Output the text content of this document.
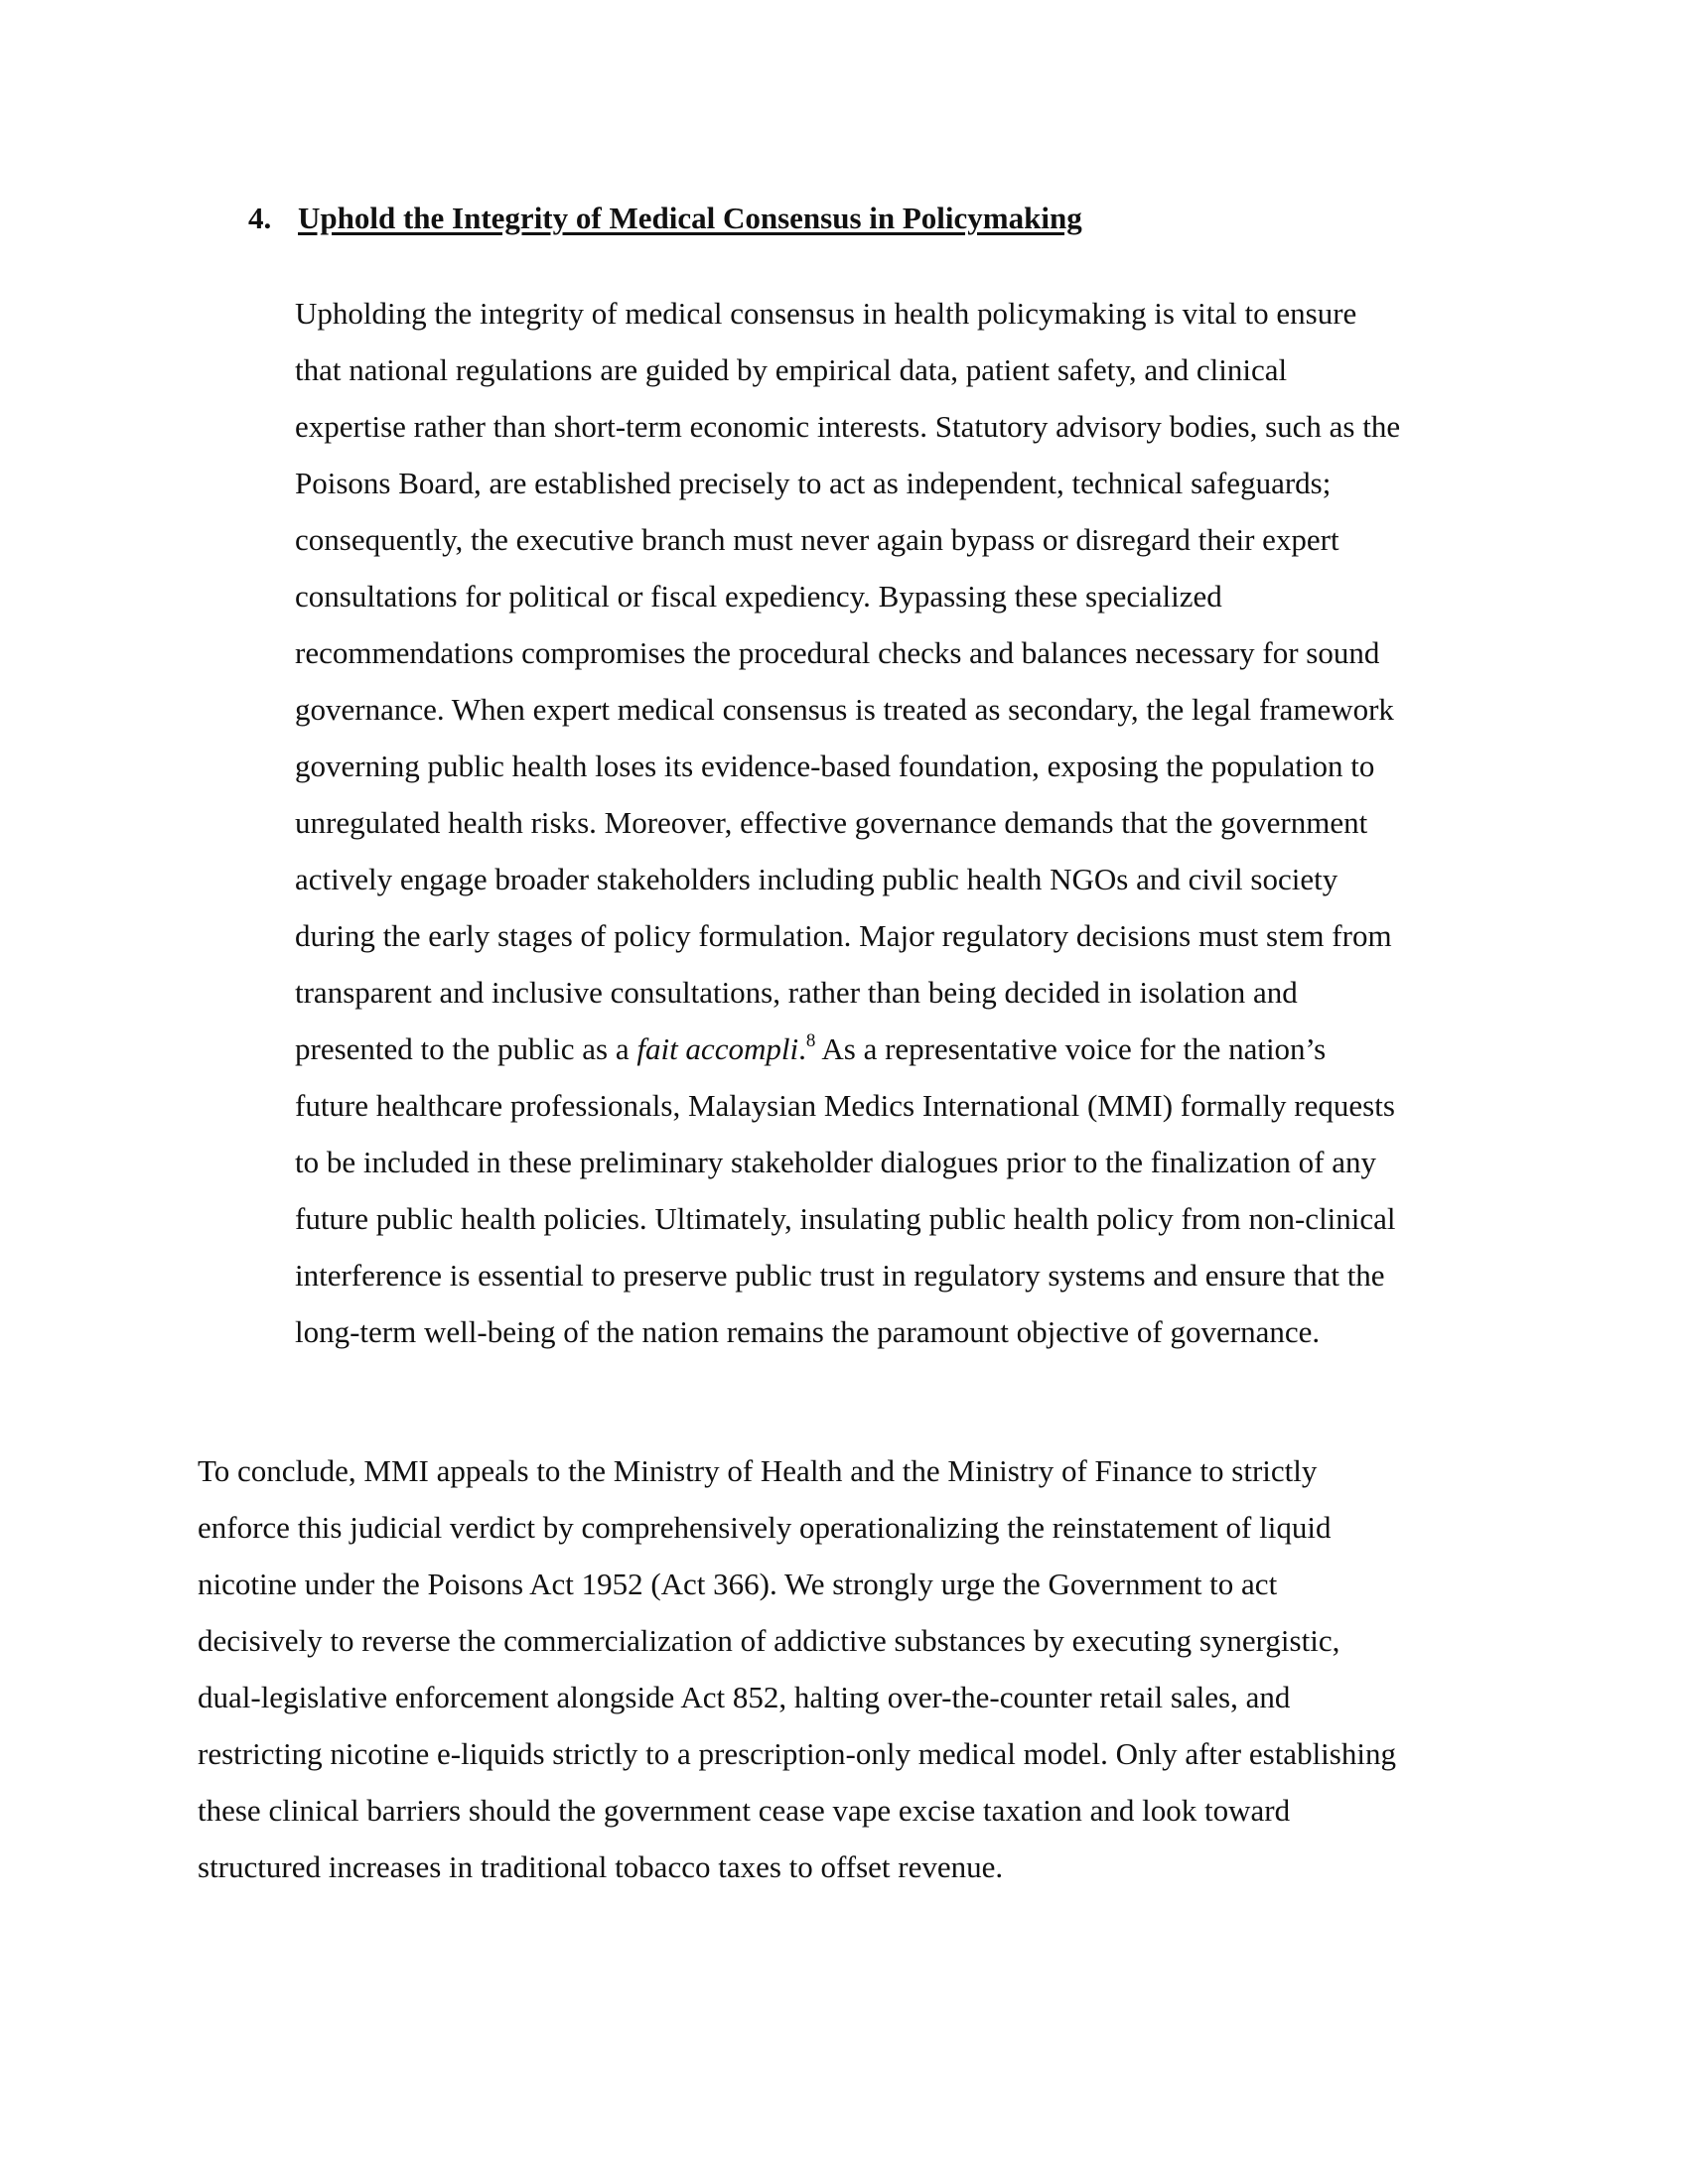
4. Uphold the Integrity of Medical Consensus in Policymaking
Upholding the integrity of medical consensus in health policymaking is vital to ensure
that national regulations are guided by empirical data, patient safety, and clinical
expertise rather than short-term economic interests. Statutory advisory bodies, such as the
Poisons Board, are established precisely to act as independent, technical safeguards;
consequently, the executive branch must never again bypass or disregard their expert
consultations for political or fiscal expediency. Bypassing these specialized
recommendations compromises the procedural checks and balances necessary for sound
governance. When expert medical consensus is treated as secondary, the legal framework
governing public health loses its evidence-based foundation, exposing the population to
unregulated health risks. Moreover, effective governance demands that the government
actively engage broader stakeholders including public health NGOs and civil society
during the early stages of policy formulation. Major regulatory decisions must stem from
transparent and inclusive consultations, rather than being decided in isolation and
presented to the public as a fait accompli.$^8$ As a representative voice for the nation’s
future healthcare professionals, Malaysian Medics International (MMI) formally requests
to be included in these preliminary stakeholder dialogues prior to the finalization of any
future public health policies. Ultimately, insulating public health policy from non-clinical
interference is essential to preserve public trust in regulatory systems and ensure that the
long-term well-being of the nation remains the paramount objective of governance.
To conclude, MMI appeals to the Ministry of Health and the Ministry of Finance to strictly
enforce this judicial verdict by comprehensively operationalizing the reinstatement of liquid
nicotine under the Poisons Act 1952 (Act 366). We strongly urge the Government to act
decisively to reverse the commercialization of addictive substances by executing synergistic,
dual-legislative enforcement alongside Act 852, halting over-the-counter retail sales, and
restricting nicotine e-liquids strictly to a prescription-only medical model. Only after establishing
these clinical barriers should the government cease vape excise taxation and look toward
structured increases in traditional tobacco taxes to offset revenue.
